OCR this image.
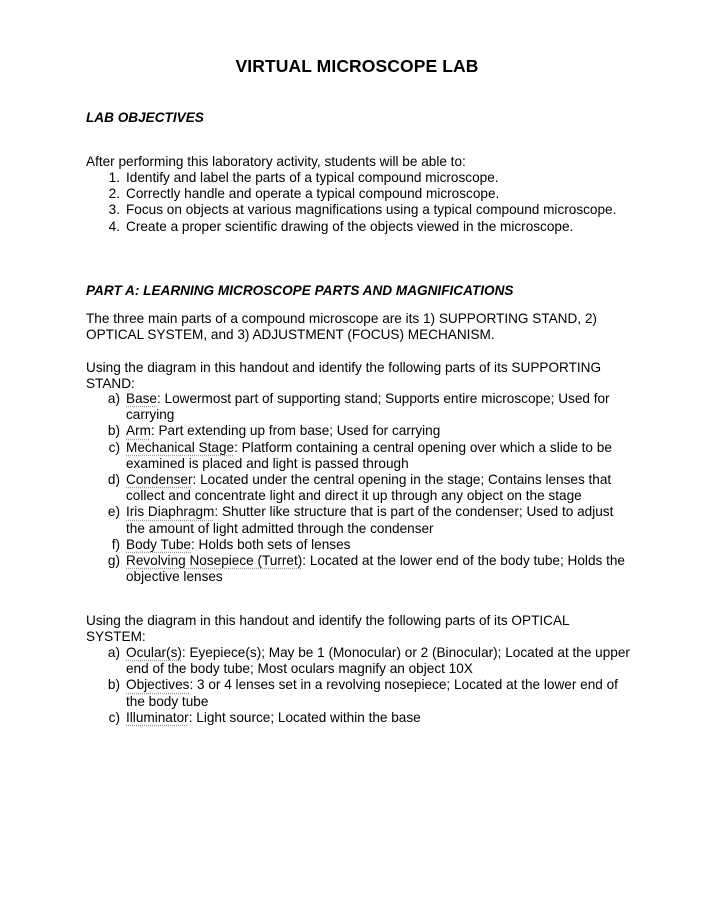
VIRTUAL MICROSCOPE LAB
LAB OBJECTIVES
After performing this laboratory activity, students will be able to:
1. Identify and label the parts of a typical compound microscope.
2. Correctly handle and operate a typical compound microscope.
3. Focus on objects at various magnifications using a typical compound microscope.
4. Create a proper scientific drawing of the objects viewed in the microscope.
PART A: LEARNING MICROSCOPE PARTS AND MAGNIFICATIONS
The three main parts of a compound microscope are its 1) SUPPORTING STAND, 2) OPTICAL SYSTEM, and 3) ADJUSTMENT (FOCUS) MECHANISM.
Using the diagram in this handout and identify the following parts of its SUPPORTING STAND:
a) Base: Lowermost part of supporting stand; Supports entire microscope; Used for carrying
b) Arm: Part extending up from base; Used for carrying
c) Mechanical Stage: Platform containing a central opening over which a slide to be examined is placed and light is passed through
d) Condenser: Located under the central opening in the stage; Contains lenses that collect and concentrate light and direct it up through any object on the stage
e) Iris Diaphragm: Shutter like structure that is part of the condenser; Used to adjust the amount of light admitted through the condenser
f) Body Tube: Holds both sets of lenses
g) Revolving Nosepiece (Turret): Located at the lower end of the body tube; Holds the objective lenses
Using the diagram in this handout and identify the following parts of its OPTICAL SYSTEM:
a) Ocular(s): Eyepiece(s); May be 1 (Monocular) or 2 (Binocular); Located at the upper end of the body tube; Most oculars magnify an object 10X
b) Objectives: 3 or 4 lenses set in a revolving nosepiece; Located at the lower end of the body tube
c) Illuminator: Light source; Located within the base
